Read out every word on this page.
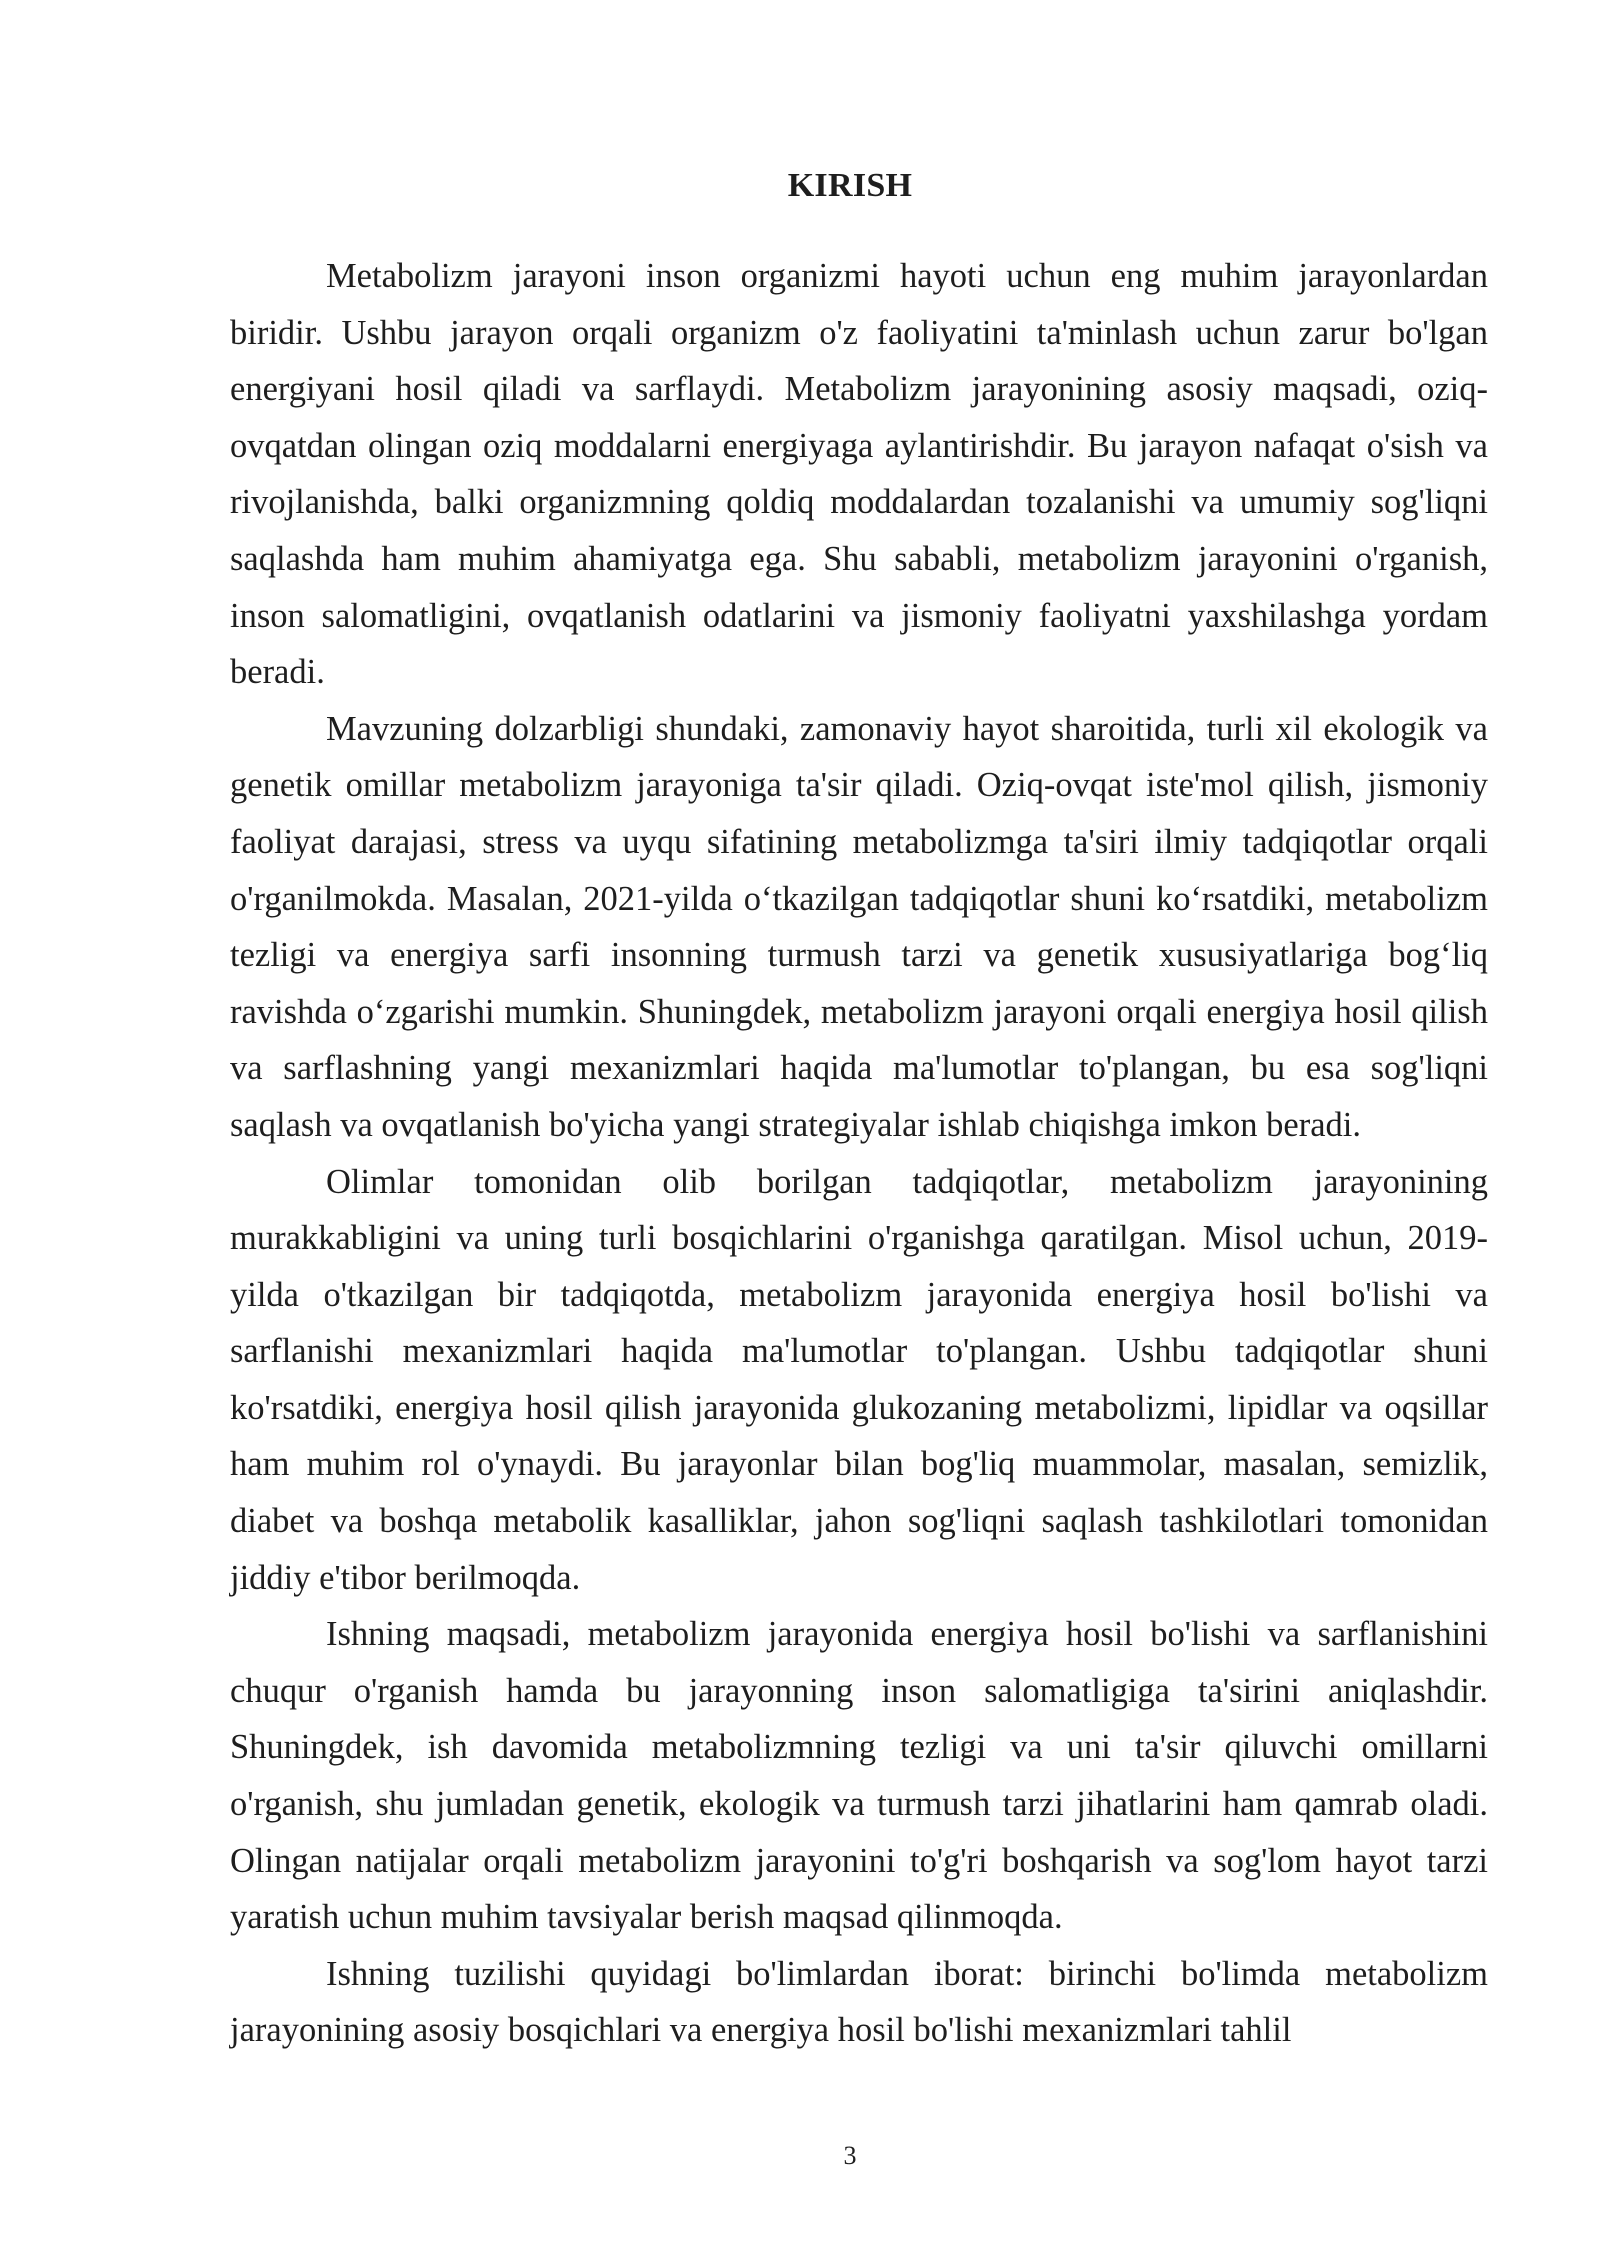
KIRISH

Metabolizm jarayoni inson organizmi hayoti uchun eng muhim jarayonlardan biridir. Ushbu jarayon orqali organizm o'z faoliyatini ta'minlash uchun zarur bo'lgan energiyani hosil qiladi va sarflaydi. Metabolizm jarayonining asosiy maqsadi, oziq-ovqatdan olingan oziq moddalarni energiyaga aylantirishdir. Bu jarayon nafaqat o'sish va rivojlanishda, balki organizmning qoldiq moddalardan tozalanishi va umumiy sog'liqni saqlashda ham muhim ahamiyatga ega. Shu sababli, metabolizm jarayonini o'rganish, inson salomatligini, ovqatlanish odatlarini va jismoniy faoliyatni yaxshilashga yordam beradi.

Mavzuning dolzarbligi shundaki, zamonaviy hayot sharoitida, turli xil ekologik va genetik omillar metabolizm jarayoniga ta'sir qiladi. Oziq-ovqat iste'mol qilish, jismoniy faoliyat darajasi, stress va uyqu sifatining metabolizmga ta'siri ilmiy tadqiqotlar orqali o'rganilmokda. Masalan, 2021-yilda o‘tkazilgan tadqiqotlar shuni ko‘rsatdiki, metabolizm tezligi va energiya sarfi insonning turmush tarzi va genetik xususiyatlariga bog‘liq ravishda o‘zgarishi mumkin. Shuningdek, metabolizm jarayoni orqali energiya hosil qilish va sarflashning yangi mexanizmlari haqida ma'lumotlar to'plangan, bu esa sog'liqni saqlash va ovqatlanish bo'yicha yangi strategiyalar ishlab chiqishga imkon beradi.

Olimlar tomonidan olib borilgan tadqiqotlar, metabolizm jarayonining murakkabligini va uning turli bosqichlarini o'rganishga qaratilgan. Misol uchun, 2019-yilda o'tkazilgan bir tadqiqotda, metabolizm jarayonida energiya hosil bo'lishi va sarflanishi mexanizmlari haqida ma'lumotlar to'plangan. Ushbu tadqiqotlar shuni ko'rsatdiki, energiya hosil qilish jarayonida glukozaning metabolizmi, lipidlar va oqsillar ham muhim rol o'ynaydi. Bu jarayonlar bilan bog'liq muammolar, masalan, semizlik, diabet va boshqa metabolik kasalliklar, jahon sog'liqni saqlash tashkilotlari tomonidan jiddiy e'tibor berilmoqda.

Ishning maqsadi, metabolizm jarayonida energiya hosil bo'lishi va sarflanishini chuqur o'rganish hamda bu jarayonning inson salomatligiga ta'sirini aniqlashdir. Shuningdek, ish davomida metabolizmning tezligi va uni ta'sir qiluvchi omillarni o'rganish, shu jumladan genetik, ekologik va turmush tarzi jihatlarini ham qamrab oladi. Olingan natijalar orqali metabolizm jarayonini to'g'ri boshqarish va sog'lom hayot tarzi yaratish uchun muhim tavsiyalar berish maqsad qilinmoqda.

Ishning tuzilishi quyidagi bo'limlardan iborat: birinchi bo'limda metabolizm jarayonining asosiy bosqichlari va energiya hosil bo'lishi mexanizmlari tahlil

3
